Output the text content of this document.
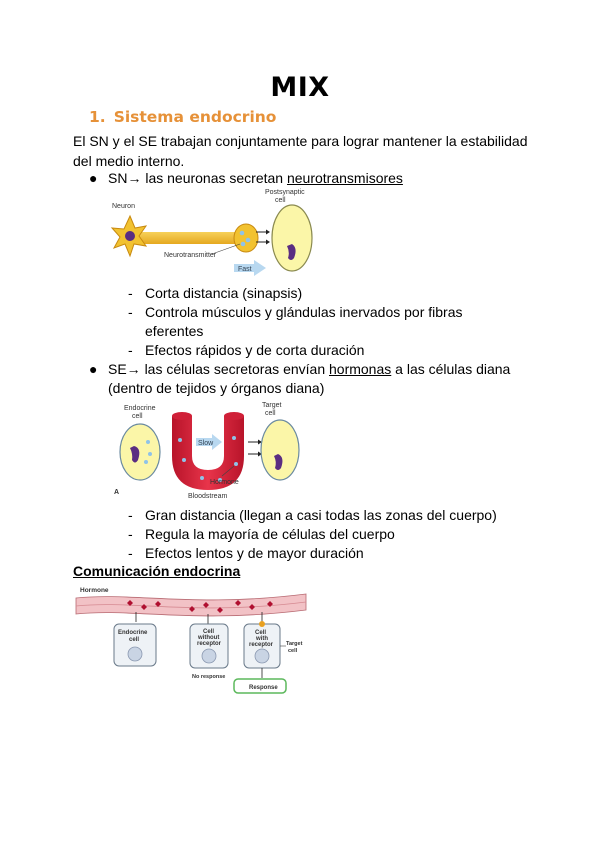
MIX
1. Sistema endocrino
El SN y el SE trabajan conjuntamente para lograr mantener la estabilidad del medio interno.
● SN→ las neuronas secretan neurotransmisores
Neuron
Postsynaptic
cell
Neurotransmitter
Fast
- Corta distancia (sinapsis)
- Controla músculos y glándulas inervados por fibras
eferentes
- Efectos rápidos y de corta duración
● SE→ las células secretoras envían hormonas a las células diana
(dentro de tejidos y órganos diana)
Endocrine
cell
Target
cell
Slow
Hormone
A
Bloodstream
- Gran distancia (llegan a casi todas las zonas del cuerpo)
- Regula la mayoría de células del cuerpo
- Efectos lentos y de mayor duración
Comunicación endocrina
Hormone
Endocrine
cell
Cell
without
receptor
No response
Cell
with
receptor Target
cell
Response
